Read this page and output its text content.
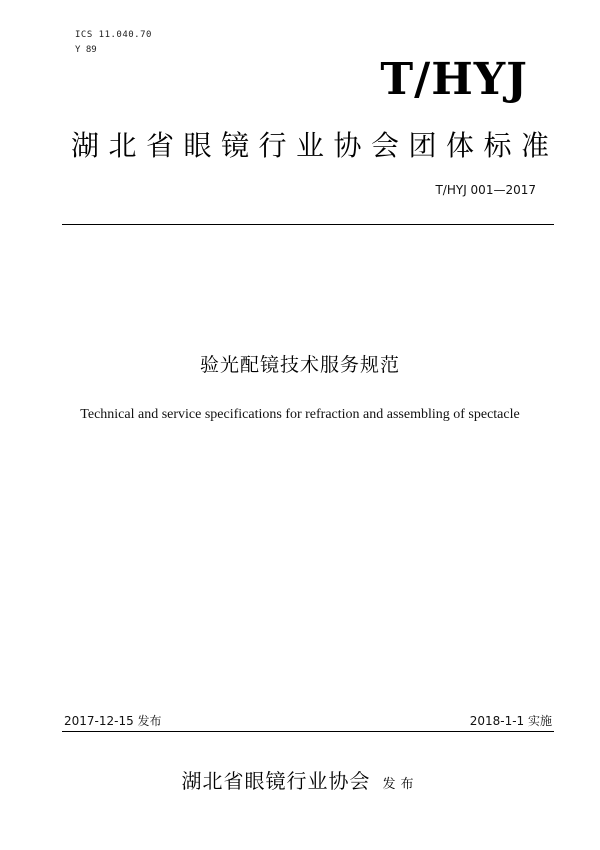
ICS 11.040.70
Y 89
T/HYJ
湖北省眼镜行业协会团体标准
T/HYJ 001—2017
验光配镜技术服务规范
Technical and service specifications for refraction and assembling of spectacle
2017-12-15 发布	2018-1-1 实施
湖北省眼镜行业协会 发布
